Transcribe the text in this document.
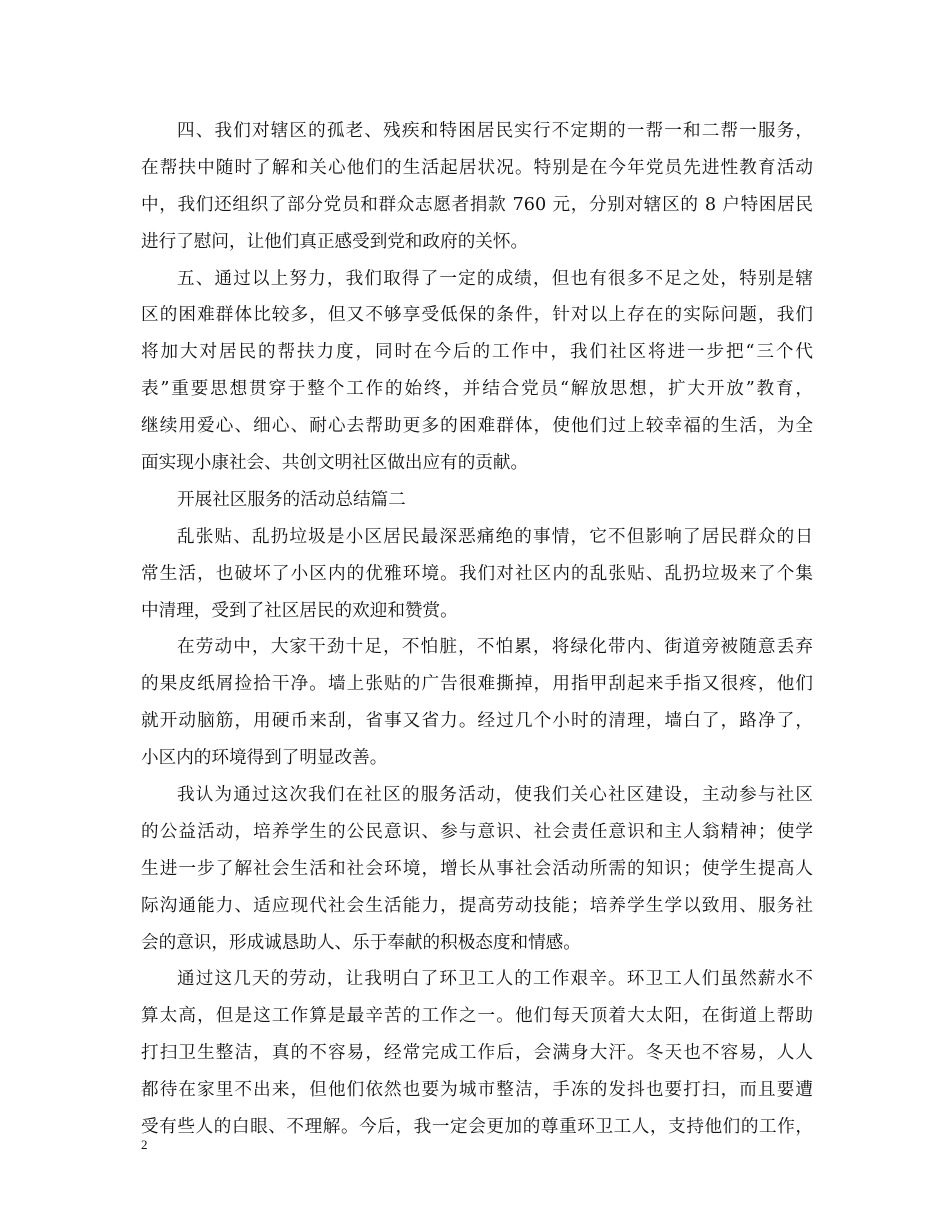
四、我们对辖区的孤老、残疾和特困居民实行不定期的一帮一和二帮一服务，
在帮扶中随时了解和关心他们的生活起居状况。特别是在今年党员先进性教育活动
中，我们还组织了部分党员和群众志愿者捐款 760 元，分别对辖区的 8 户特困居民
进行了慰问，让他们真正感受到党和政府的关怀。
五、通过以上努力，我们取得了一定的成绩，但也有很多不足之处，特别是辖
区的困难群体比较多，但又不够享受低保的条件，针对以上存在的实际问题，我们
将加大对居民的帮扶力度，同时在今后的工作中，我们社区将进一步把“三个代
表”重要思想贯穿于整个工作的始终，并结合党员“解放思想，扩大开放”教育，
继续用爱心、细心、耐心去帮助更多的困难群体，使他们过上较幸福的生活，为全
面实现小康社会、共创文明社区做出应有的贡献。
开展社区服务的活动总结篇二
乱张贴、乱扔垃圾是小区居民最深恶痛绝的事情，它不但影响了居民群众的日
常生活，也破坏了小区内的优雅环境。我们对社区内的乱张贴、乱扔垃圾来了个集
中清理，受到了社区居民的欢迎和赞赏。
在劳动中，大家干劲十足，不怕脏，不怕累，将绿化带内、街道旁被随意丢弃
的果皮纸屑捡拾干净。墙上张贴的广告很难撕掉，用指甲刮起来手指又很疼，他们
就开动脑筋，用硬币来刮，省事又省力。经过几个小时的清理，墙白了，路净了，
小区内的环境得到了明显改善。
我认为通过这次我们在社区的服务活动，使我们关心社区建设，主动参与社区
的公益活动，培养学生的公民意识、参与意识、社会责任意识和主人翁精神；使学
生进一步了解社会生活和社会环境，增长从事社会活动所需的知识；使学生提高人
际沟通能力、适应现代社会生活能力，提高劳动技能；培养学生学以致用、服务社
会的意识，形成诚恳助人、乐于奉献的积极态度和情感。
通过这几天的劳动，让我明白了环卫工人的工作艰辛。环卫工人们虽然薪水不
算太高，但是这工作算是最辛苦的工作之一。他们每天顶着大太阳，在街道上帮助
打扫卫生整洁，真的不容易，经常完成工作后，会满身大汗。冬天也不容易，人人
都待在家里不出来，但他们依然也要为城市整洁，手冻的发抖也要打扫，而且要遭
受有些人的白眼、不理解。今后，我一定会更加的尊重环卫工人，支持他们的工作，
2
